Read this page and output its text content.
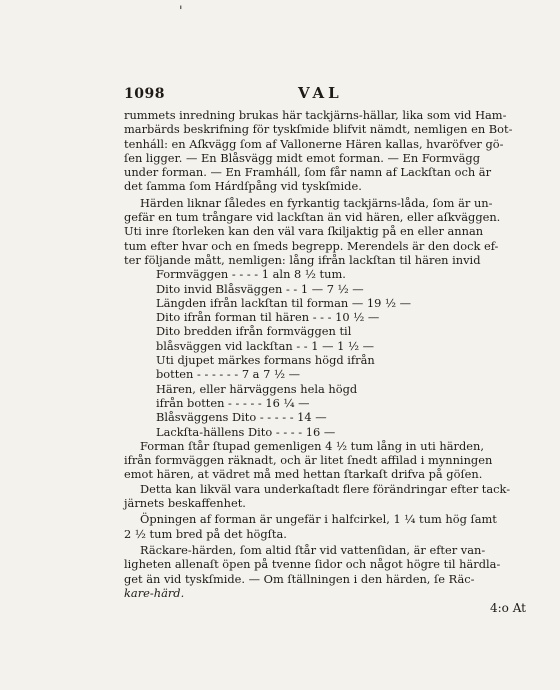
'
1098	VAL
rummets inredning brukas här tackjärns-hällar, lika som vid Ham-
marbärds beskrifning för tyskſmide blifvit nämdt, nemligen en Bot-
tenháll: en Aſkvägg ſom af Vallonerne Hären kallas, hvaröfver gö-
ſen ligger. — En Blåsvägg midt emot forman. — En Formvägg
under forman. — En Framháll, ſom får namn af Lackſtan och är
det ſamma ſom Hárdſpång vid tyskſmide.
Härden liknar ſåledes en fyrkantig tackjärns-låda, ſom är un-
gefär en tum trångare vid lackſtan än vid hären, eller aſkväggen.
Uti inre ſtorleken kan den väl vara ſkiljaktig på en eller annan
tum efter hvar och en ſmeds begrepp. Merendels är den dock ef-
ter följande mått, nemligen: lång ifrån lackſtan til hären invid
Formväggen - - - - 1 aln 8 ½ tum.
Dito invid Blåsväggen - - 1 — 7 ½ —
Längden ifrån lackſtan til forman — 19 ½ —
Dito ifrån forman til hären - - - 10 ½ —
Dito bredden ifrån formväggen til
blåsväggen vid lackſtan - - 1 — 1 ½ —
Uti djupet märkes formans högd ifrån
botten - - - - - - 7 a 7 ½ —
Hären, eller härväggens hela högd
ifrån botten - - - - - 16 ¼ —
Blåsväggens Dito - - - - - 14 —
Lackſta-hällens Dito - - - - 16 —
Forman ſtår ſtupad gemenligen 4 ½ tum lång in uti härden,
ifrån formväggen räknadt, och är litet ſnedt affilad i mynningen
emot hären, at vädret må med hettan ſtarkaſt drifva på göſen.
Detta kan likväl vara underkaſtadt flere förändringar efter tack-
järnets beskaffenhet.
Öpningen af forman är ungefär i halfcirkel, 1 ¼ tum hög ſamt
2 ½ tum bred på det högſta.
Räckare-härden, ſom altid ſtår vid vattenſidan, är efter van-
ligheten allenaſt öpen på tvenne ſidor och något högre til härdla-
get än vid tyskſmide. — Om ſtällningen i den härden, ſe Räc-
kare-härd.
4:o At
